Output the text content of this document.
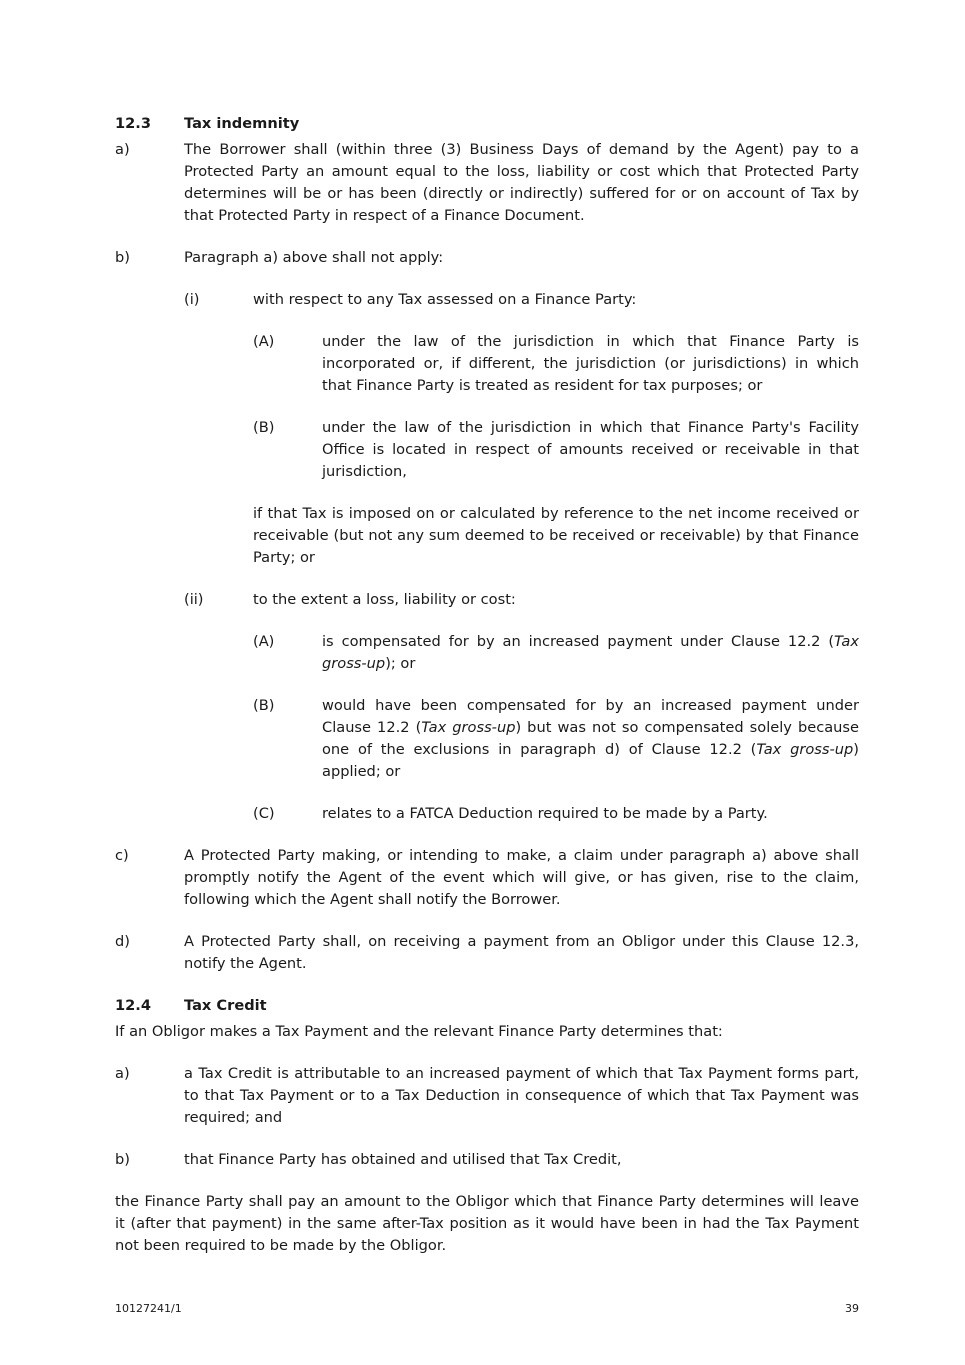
12.3	Tax indemnity
a)	The Borrower shall (within three (3) Business Days of demand by the Agent) pay to a Protected Party an amount equal to the loss, liability or cost which that Protected Party determines will be or has been (directly or indirectly) suffered for or on account of Tax by that Protected Party in respect of a Finance Document.
b)	Paragraph a) above shall not apply:
(i)	with respect to any Tax assessed on a Finance Party:
(A)	under the law of the jurisdiction in which that Finance Party is incorporated or, if different, the jurisdiction (or jurisdictions) in which that Finance Party is treated as resident for tax purposes; or
(B)	under the law of the jurisdiction in which that Finance Party's Facility Office is located in respect of amounts received or receivable in that jurisdiction,
if that Tax is imposed on or calculated by reference to the net income received or receivable (but not any sum deemed to be received or receivable) by that Finance Party; or
(ii)	to the extent a loss, liability or cost:
(A)	is compensated for by an increased payment under Clause 12.2 (Tax gross-up); or
(B)	would have been compensated for by an increased payment under Clause 12.2 (Tax gross-up) but was not so compensated solely because one of the exclusions in paragraph d) of Clause 12.2 (Tax gross-up) applied; or
(C)	relates to a FATCA Deduction required to be made by a Party.
c)	A Protected Party making, or intending to make, a claim under paragraph a) above shall promptly notify the Agent of the event which will give, or has given, rise to the claim, following which the Agent shall notify the Borrower.
d)	A Protected Party shall, on receiving a payment from an Obligor under this Clause 12.3, notify the Agent.
12.4	Tax Credit
If an Obligor makes a Tax Payment and the relevant Finance Party determines that:
a)	a Tax Credit is attributable to an increased payment of which that Tax Payment forms part, to that Tax Payment or to a Tax Deduction in consequence of which that Tax Payment was required; and
b)	that Finance Party has obtained and utilised that Tax Credit,
the Finance Party shall pay an amount to the Obligor which that Finance Party determines will leave it (after that payment) in the same after-Tax position as it would have been in had the Tax Payment not been required to be made by the Obligor.
10127241/1	39
